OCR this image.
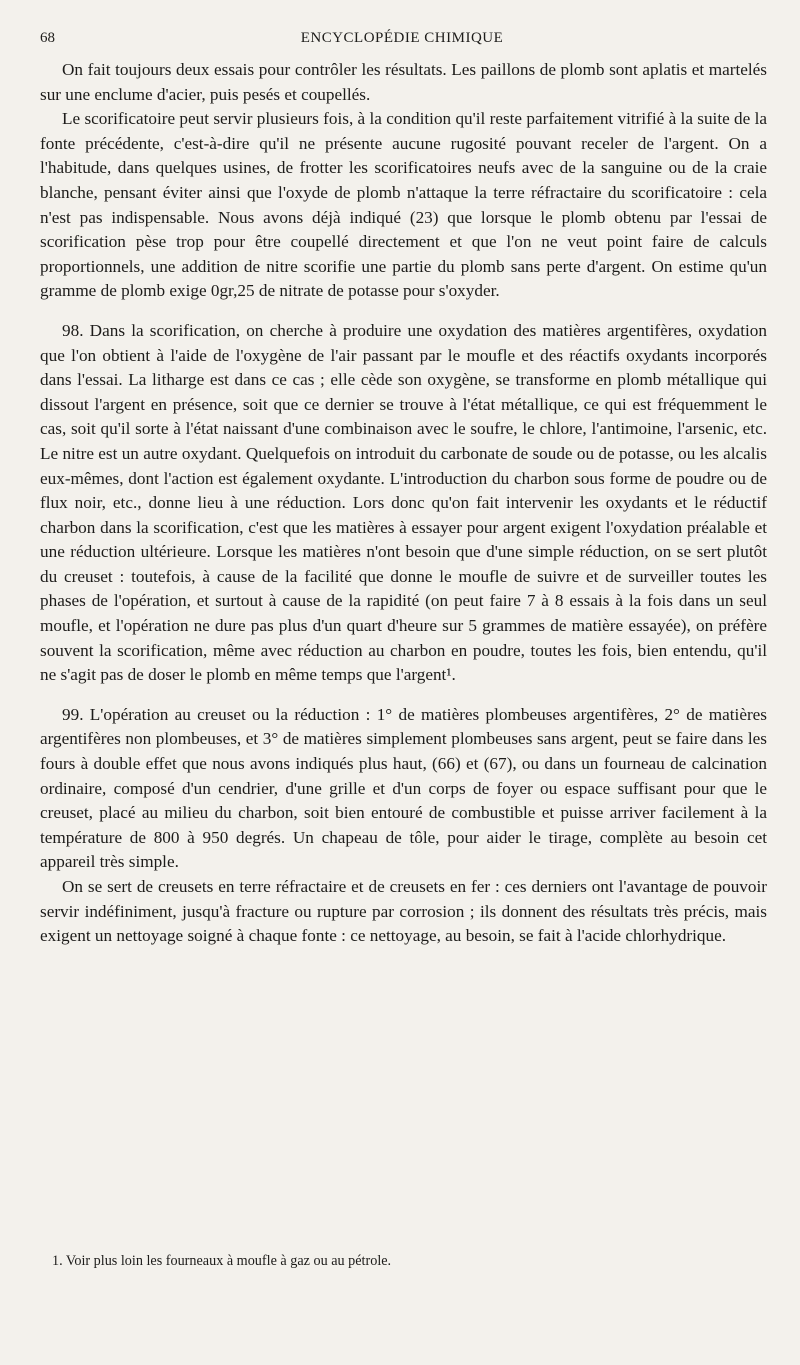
68	ENCYCLOPÉDIE CHIMIQUE

On fait toujours deux essais pour contrôler les résultats. Les paillons de plomb sont aplatis et martelés sur une enclume d'acier, puis pesés et coupellés.

Le scorificatoire peut servir plusieurs fois, à la condition qu'il reste parfaitement vitrifié à la suite de la fonte précédente, c'est-à-dire qu'il ne présente aucune rugosité pouvant receler de l'argent. On a l'habitude, dans quelques usines, de frotter les scorificatoires neufs avec de la sanguine ou de la craie blanche, pensant éviter ainsi que l'oxyde de plomb n'attaque la terre réfractaire du scorificatoire : cela n'est pas indispensable. Nous avons déjà indiqué (23) que lorsque le plomb obtenu par l'essai de scorification pèse trop pour être coupellé directement et que l'on ne veut point faire de calculs proportionnels, une addition de nitre scorifie une partie du plomb sans perte d'argent. On estime qu'un gramme de plomb exige 0gr,25 de nitrate de potasse pour s'oxyder.

98. Dans la scorification, on cherche à produire une oxydation des matières argentifères, oxydation que l'on obtient à l'aide de l'oxygène de l'air passant par le moufle et des réactifs oxydants incorporés dans l'essai. La litharge est dans ce cas ; elle cède son oxygène, se transforme en plomb métallique qui dissout l'argent en présence, soit que ce dernier se trouve à l'état métallique, ce qui est fréquemment le cas, soit qu'il sorte à l'état naissant d'une combinaison avec le soufre, le chlore, l'antimoine, l'arsenic, etc. Le nitre est un autre oxydant. Quelquefois on introduit du carbonate de soude ou de potasse, ou les alcalis eux-mêmes, dont l'action est également oxydante. L'introduction du charbon sous forme de poudre ou de flux noir, etc., donne lieu à une réduction. Lors donc qu'on fait intervenir les oxydants et le réductif charbon dans la scorification, c'est que les matières à essayer pour argent exigent l'oxydation préalable et une réduction ultérieure. Lorsque les matières n'ont besoin que d'une simple réduction, on se sert plutôt du creuset : toutefois, à cause de la facilité que donne le moufle de suivre et de surveiller toutes les phases de l'opération, et surtout à cause de la rapidité (on peut faire 7 à 8 essais à la fois dans un seul moufle, et l'opération ne dure pas plus d'un quart d'heure sur 5 grammes de matière essayée), on préfère souvent la scorification, même avec réduction au charbon en poudre, toutes les fois, bien entendu, qu'il ne s'agit pas de doser le plomb en même temps que l'argent¹.

99. L'opération au creuset ou la réduction : 1° de matières plombeuses argentifères, 2° de matières argentifères non plombeuses, et 3° de matières simplement plombeuses sans argent, peut se faire dans les fours à double effet que nous avons indiqués plus haut, (66) et (67), ou dans un fourneau de calcination ordinaire, composé d'un cendrier, d'une grille et d'un corps de foyer ou espace suffisant pour que le creuset, placé au milieu du charbon, soit bien entouré de combustible et puisse arriver facilement à la température de 800 à 950 degrés. Un chapeau de tôle, pour aider le tirage, complète au besoin cet appareil très simple.

On se sert de creusets en terre réfractaire et de creusets en fer : ces derniers ont l'avantage de pouvoir servir indéfiniment, jusqu'à fracture ou rupture par corrosion ; ils donnent des résultats très précis, mais exigent un nettoyage soigné à chaque fonte : ce nettoyage, au besoin, se fait à l'acide chlorhydrique.

1. Voir plus loin les fourneaux à moufle à gaz ou au pétrole.
